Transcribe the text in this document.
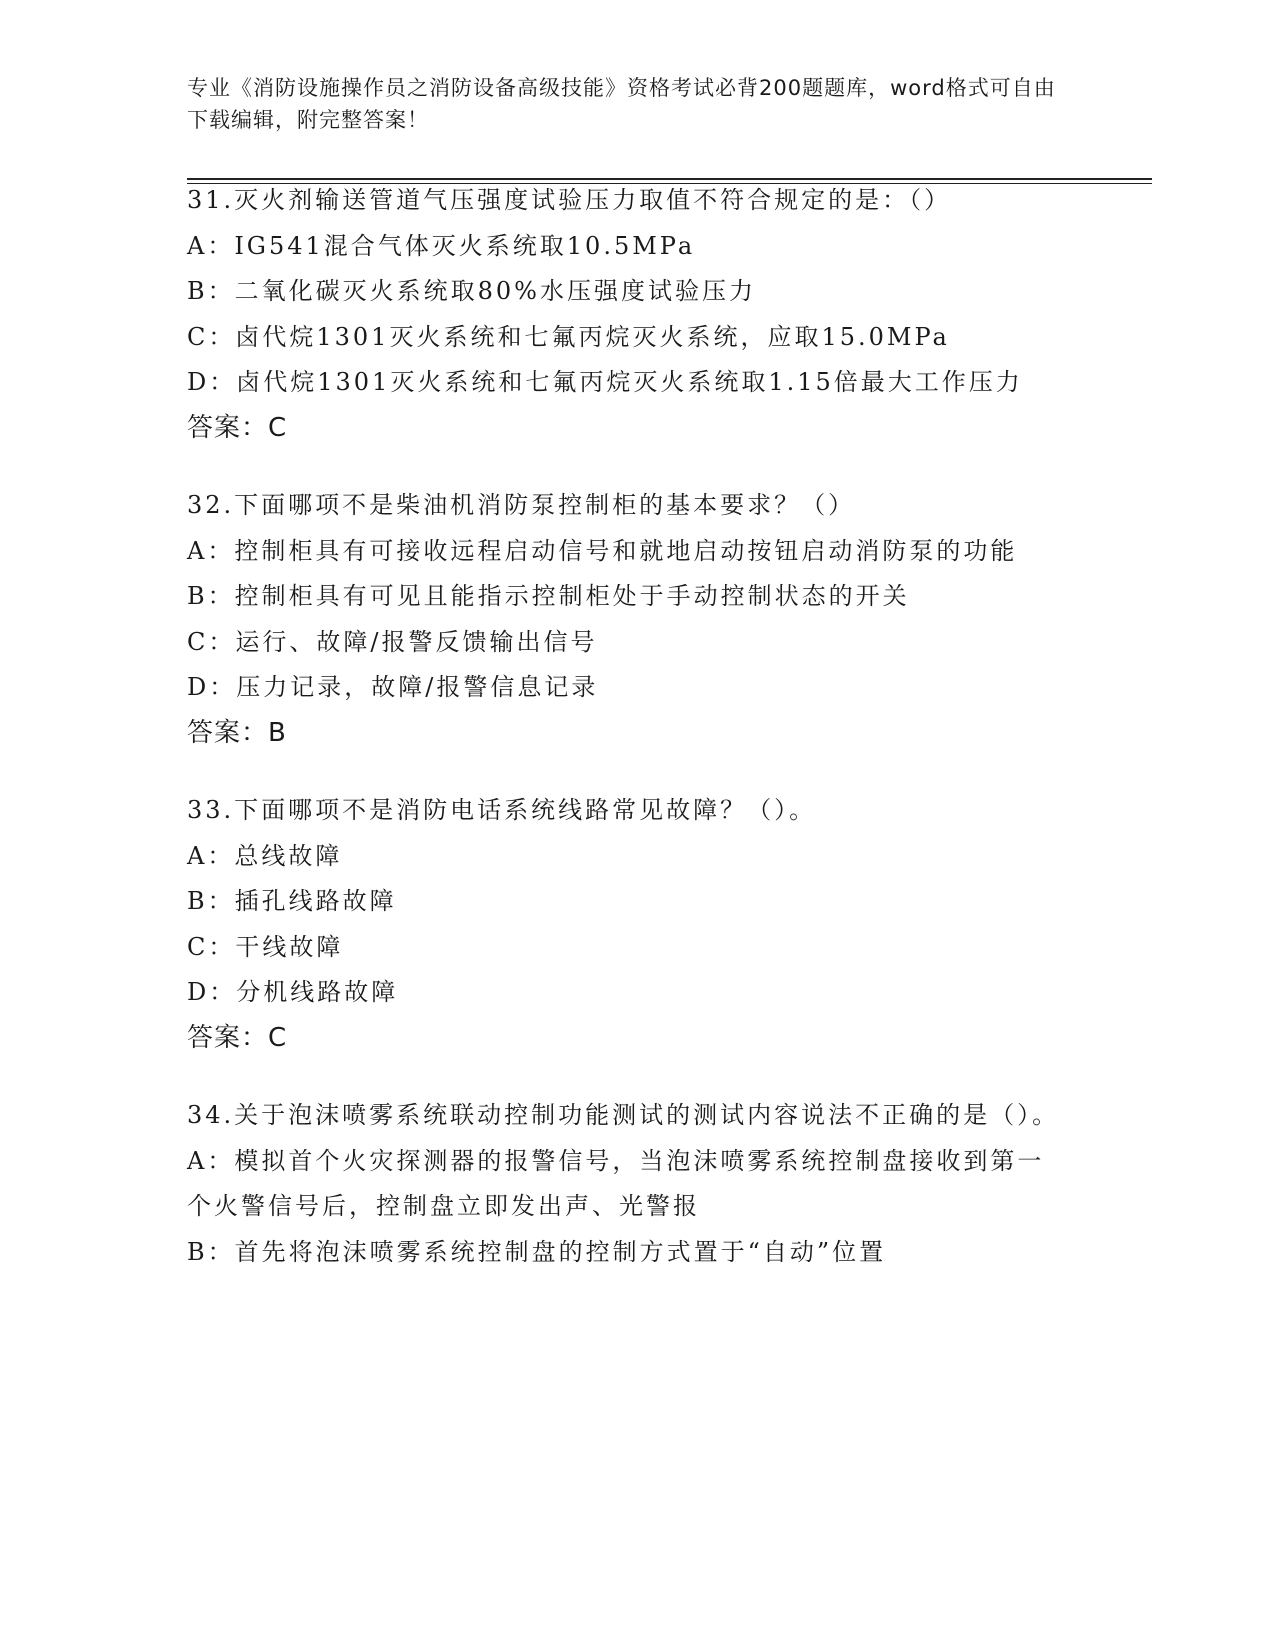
专业《消防设施操作员之消防设备高级技能》资格考试必背200题题库，word格式可自由下载编辑，附完整答案！
31.灭火剂输送管道气压强度试验压力取值不符合规定的是：（）
A：IG541混合气体灭火系统取10.5MPa
B：二氧化碳灭火系统取80%水压强度试验压力
C：卤代烷1301灭火系统和七氟丙烷灭火系统，应取15.0MPa
D：卤代烷1301灭火系统和七氟丙烷灭火系统取1.15倍最大工作压力
答案：C
32.下面哪项不是柴油机消防泵控制柜的基本要求？（）
A：控制柜具有可接收远程启动信号和就地启动按钮启动消防泵的功能
B：控制柜具有可见且能指示控制柜处于手动控制状态的开关
C：运行、故障/报警反馈输出信号
D：压力记录，故障/报警信息记录
答案：B
33.下面哪项不是消防电话系统线路常见故障？（）。
A：总线故障
B：插孔线路故障
C：干线故障
D：分机线路故障
答案：C
34.关于泡沫喷雾系统联动控制功能测试的测试内容说法不正确的是（）。
A：模拟首个火灾探测器的报警信号，当泡沫喷雾系统控制盘接收到第一个火警信号后，控制盘立即发出声、光警报
B：首先将泡沫喷雾系统控制盘的控制方式置于“自动”位置
